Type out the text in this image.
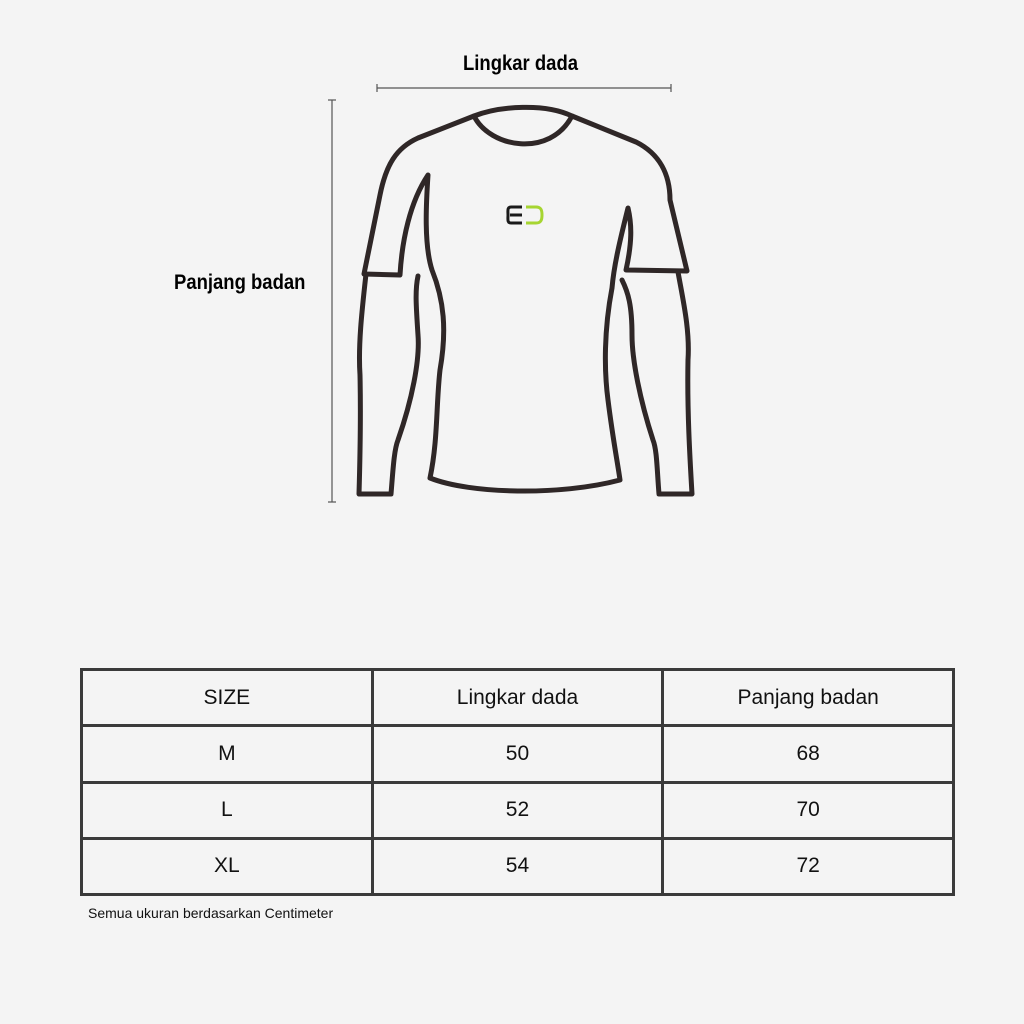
Lingkar dada
Panjang badan
SIZE	Lingkar dada	Panjang badan
M	50	68
L	52	70
XL	54	72
Semua ukuran berdasarkan Centimeter
